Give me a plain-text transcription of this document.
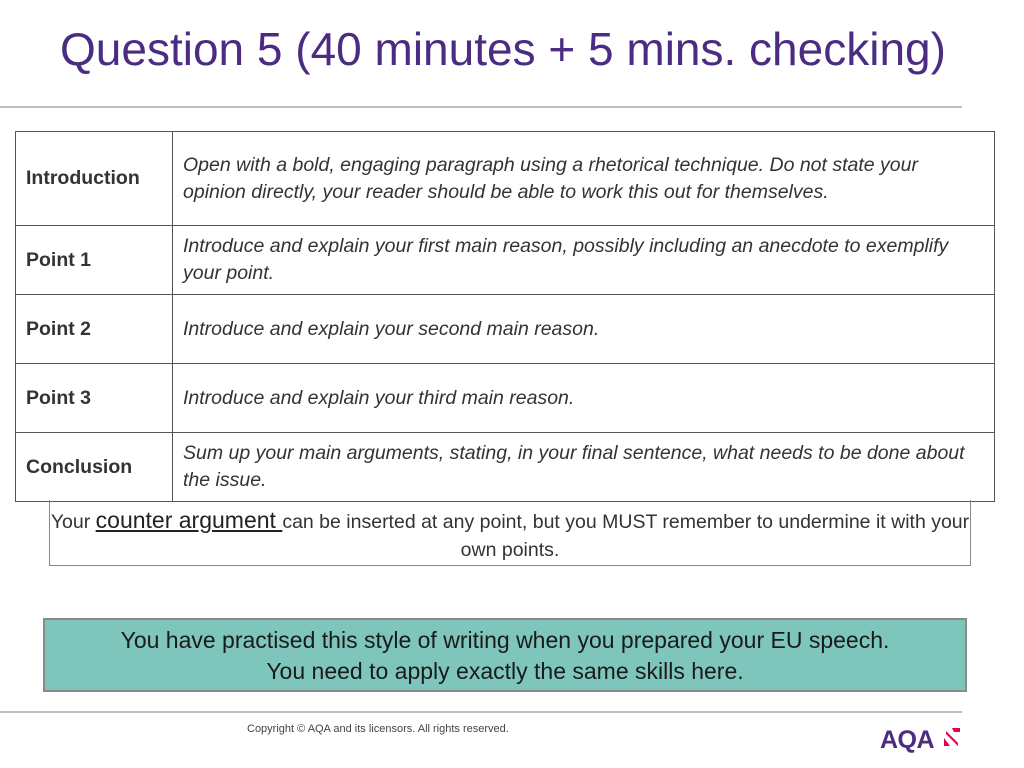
Question 5 (40 minutes + 5 mins. checking)
Introduction	Open with a bold, engaging paragraph using a rhetorical technique. Do not state your opinion directly, your reader should be able to work this out for themselves.
Point 1	Introduce and explain your first main reason, possibly including an anecdote to exemplify your point.
Point 2	Introduce and explain your second main reason.
Point 3	Introduce and explain your third main reason.
Conclusion	Sum up your main arguments, stating, in your final sentence, what needs to be done about the issue.
Your counter argument can be inserted at any point, but you MUST remember to undermine it with your own points.
You have practised this style of writing when you prepared your EU speech.
You need to apply exactly the same skills here.
Copyright © AQA and its licensors. All rights reserved.	AQA
